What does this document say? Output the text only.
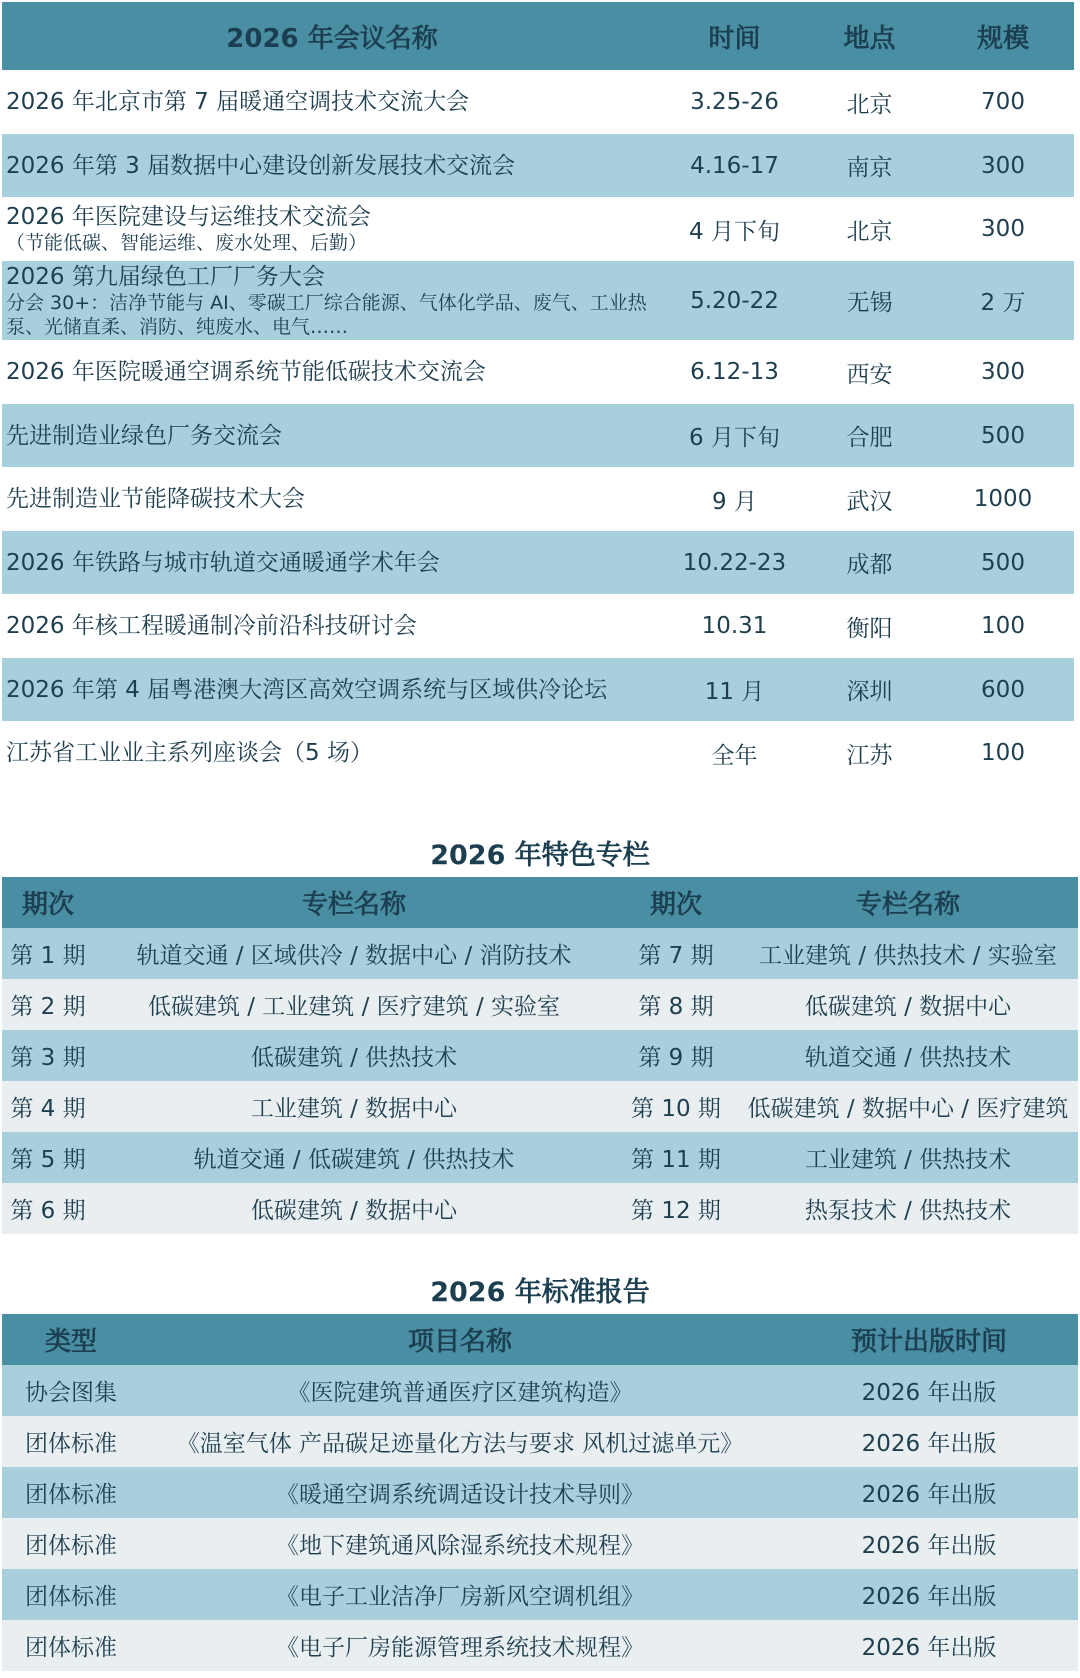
2026 年会议名称	时间	地点	规模

2026 年北京市第 7 届暖通空调技术交流大会	3.25-26	北京	700

2026 年第 3 届数据中心建设创新发展技术交流会	4.16-17	南京	300

2026 年医院建设与运维技术交流会
（节能低碳、智能运维、废水处理、后勤）	4 月下旬	北京	300

2026 第九届绿色工厂厂务大会
分会 30+：洁净节能与 AI、零碳工厂综合能源、气体化学品、废气、工业热泵、光储直柔、消防、纯废水、电气……	5.20-22	无锡	2 万

2026 年医院暖通空调系统节能低碳技术交流会	6.12-13	西安	300

先进制造业绿色厂务交流会	6 月下旬	合肥	500

先进制造业节能降碳技术大会	9 月	武汉	1000

2026 年铁路与城市轨道交通暖通学术年会	10.22-23	成都	500

2026 年核工程暖通制冷前沿科技研讨会	10.31	衡阳	100

2026 年第 4 届粤港澳大湾区高效空调系统与区域供冷论坛	11 月	深圳	600

江苏省工业业主系列座谈会（5 场）	全年	江苏	100
2026 年特色专栏
期次	专栏名称	期次	专栏名称
第 1 期	轨道交通 / 区域供冷 / 数据中心 / 消防技术	第 7 期	工业建筑 / 供热技术 / 实验室
第 2 期	低碳建筑 / 工业建筑 / 医疗建筑 / 实验室	第 8 期	低碳建筑 / 数据中心
第 3 期	低碳建筑 / 供热技术	第 9 期	轨道交通 / 供热技术
第 4 期	工业建筑 / 数据中心	第 10 期	低碳建筑 / 数据中心 / 医疗建筑
第 5 期	轨道交通 / 低碳建筑 / 供热技术	第 11 期	工业建筑 / 供热技术
第 6 期	低碳建筑 / 数据中心	第 12 期	热泵技术 / 供热技术
2026 年标准报告
类型	项目名称	预计出版时间
协会图集	《医院建筑普通医疗区建筑构造》	2026 年出版
团体标准	《温室气体 产品碳足迹量化方法与要求 风机过滤单元》	2026 年出版
团体标准	《暖通空调系统调适设计技术导则》	2026 年出版
团体标准	《地下建筑通风除湿系统技术规程》	2026 年出版
团体标准	《电子工业洁净厂房新风空调机组》	2026 年出版
团体标准	《电子厂房能源管理系统技术规程》	2026 年出版
